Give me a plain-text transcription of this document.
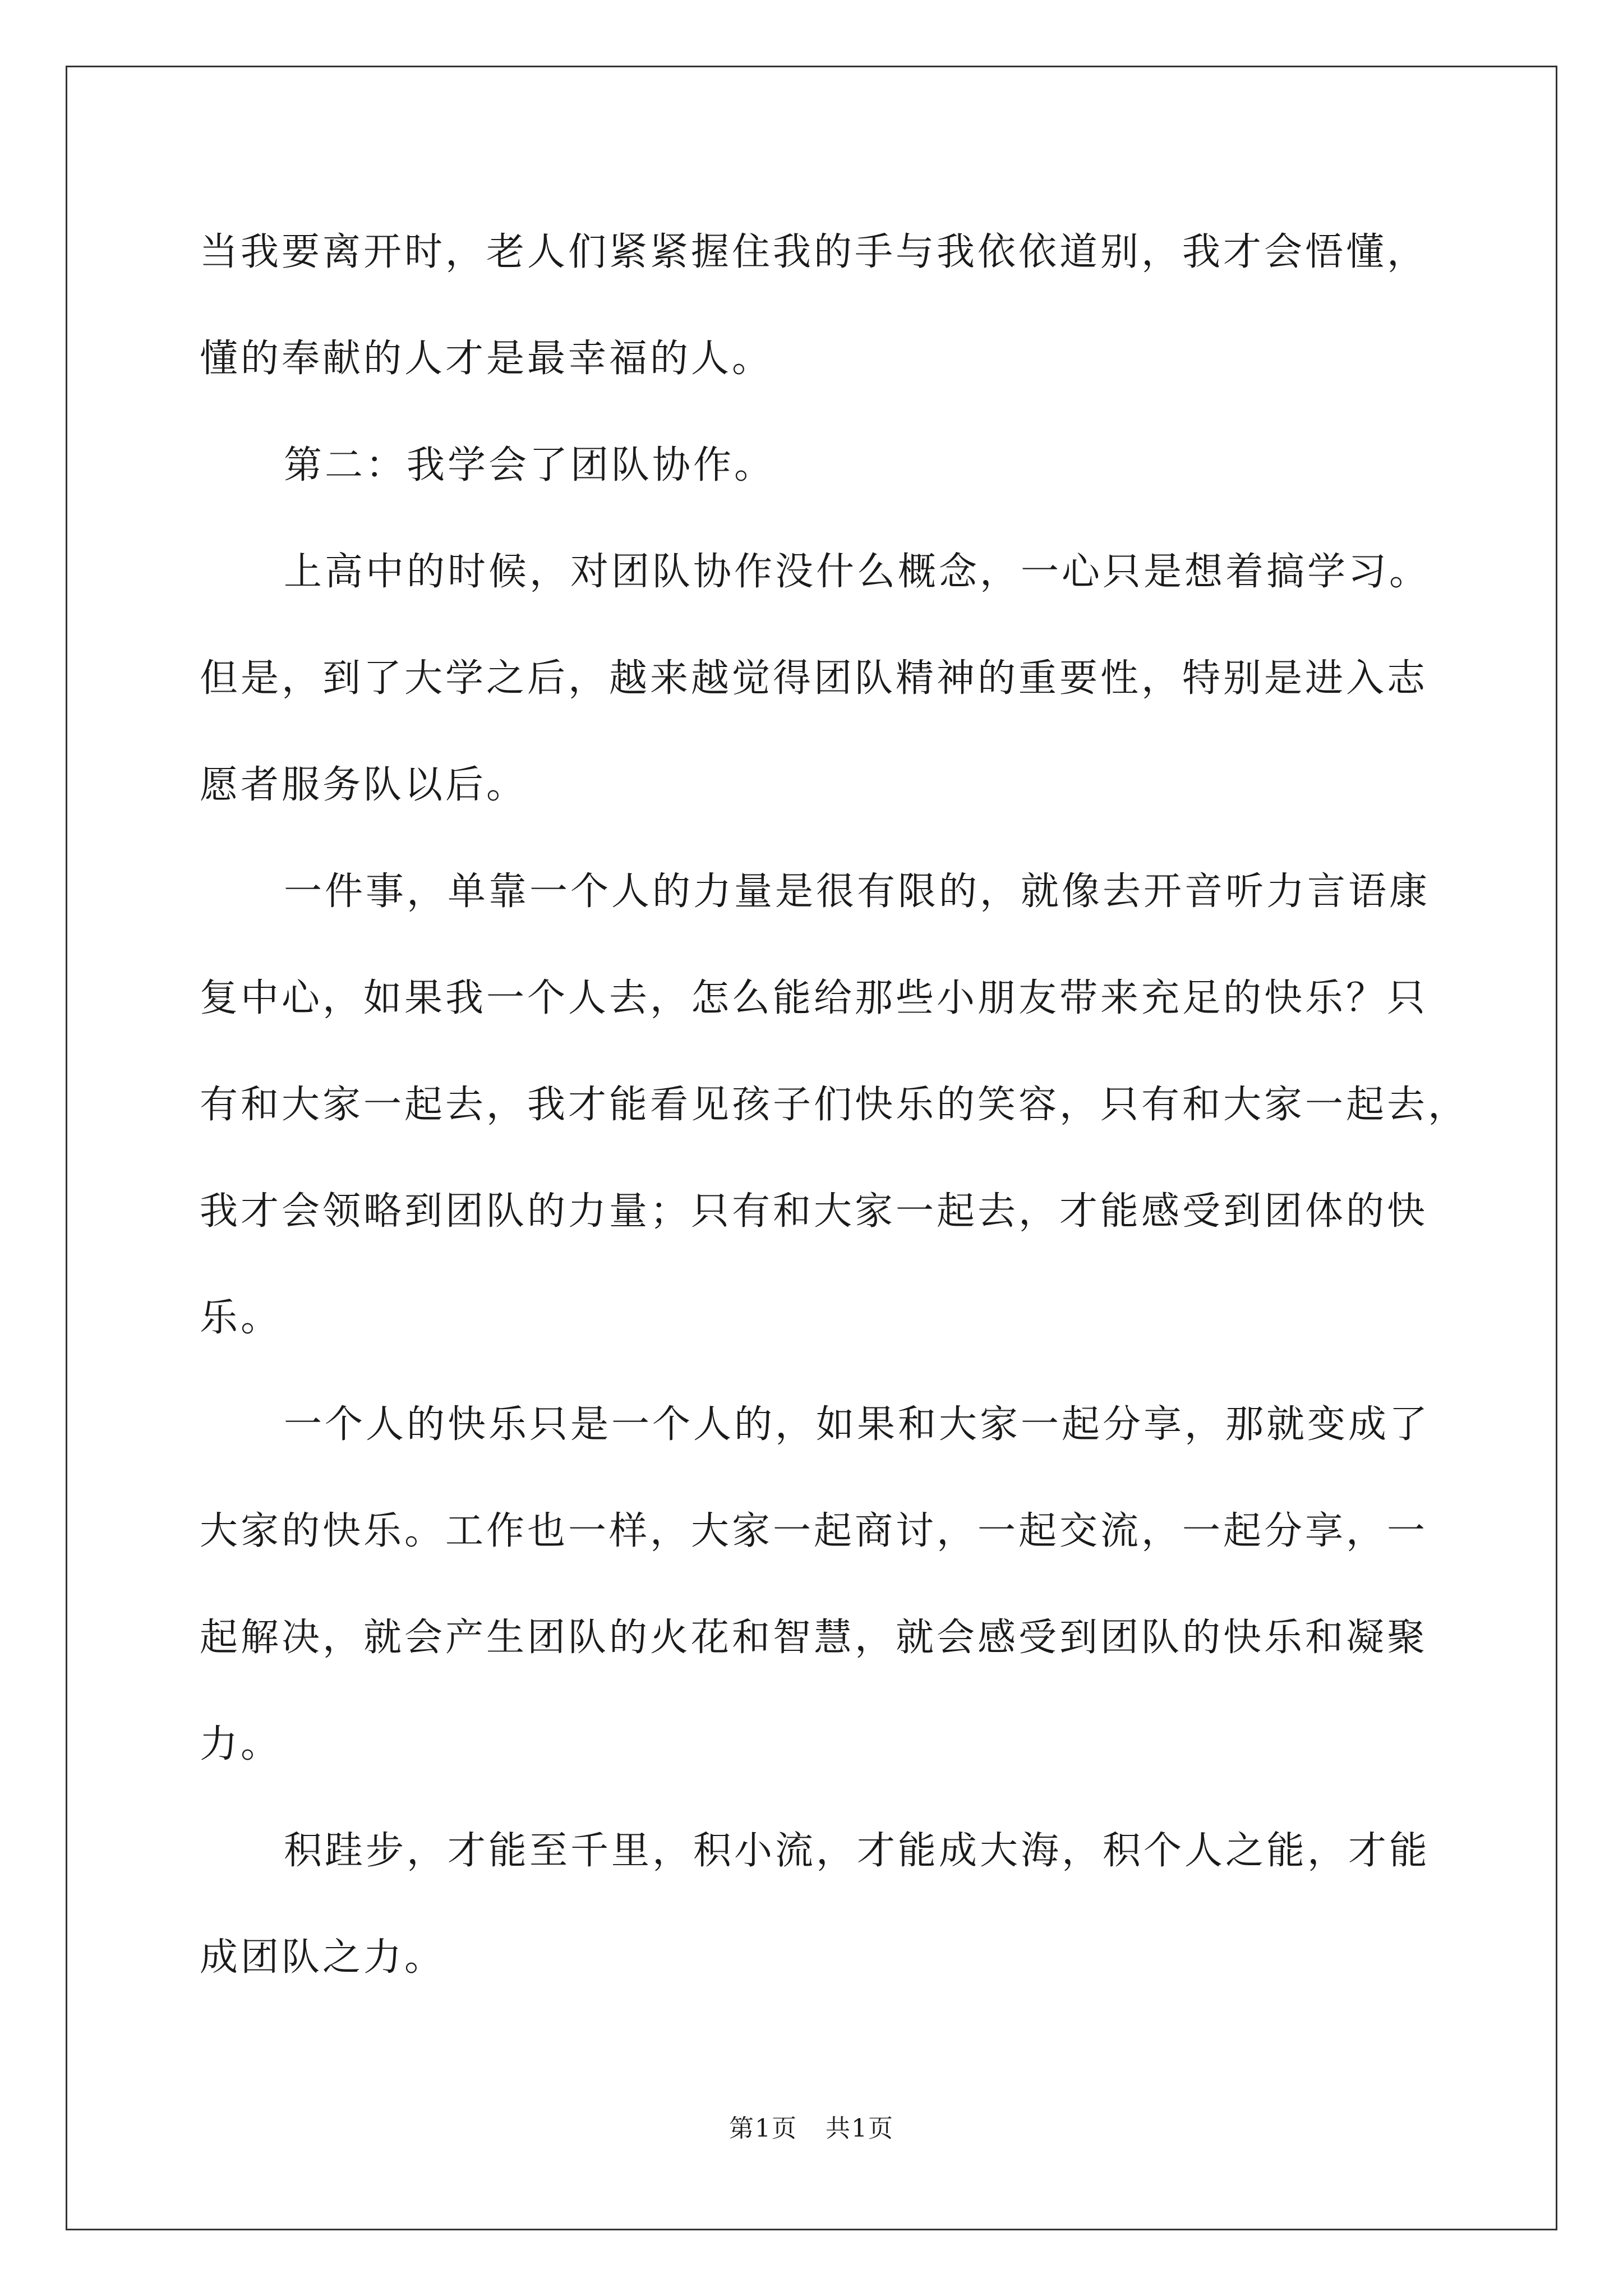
当我要离开时，老人们紧紧握住我的手与我依依道别，我才会悟懂，
懂的奉献的人才是最幸福的人。

第二：我学会了团队协作。

上高中的时候，对团队协作没什么概念，一心只是想着搞学习。
但是，到了大学之后，越来越觉得团队精神的重要性，特别是进入志
愿者服务队以后。

一件事，单靠一个人的力量是很有限的，就像去开音听力言语康
复中心，如果我一个人去，怎么能给那些小朋友带来充足的快乐？只
有和大家一起去，我才能看见孩子们快乐的笑容，只有和大家一起去，
我才会领略到团队的力量；只有和大家一起去，才能感受到团体的快
乐。

一个人的快乐只是一个人的，如果和大家一起分享，那就变成了
大家的快乐。工作也一样，大家一起商讨，一起交流，一起分享，一
起解决，就会产生团队的火花和智慧，就会感受到团队的快乐和凝聚
力。

积跬步，才能至千里，积小流，才能成大海，积个人之能，才能
成团队之力。

第1页 共1页
